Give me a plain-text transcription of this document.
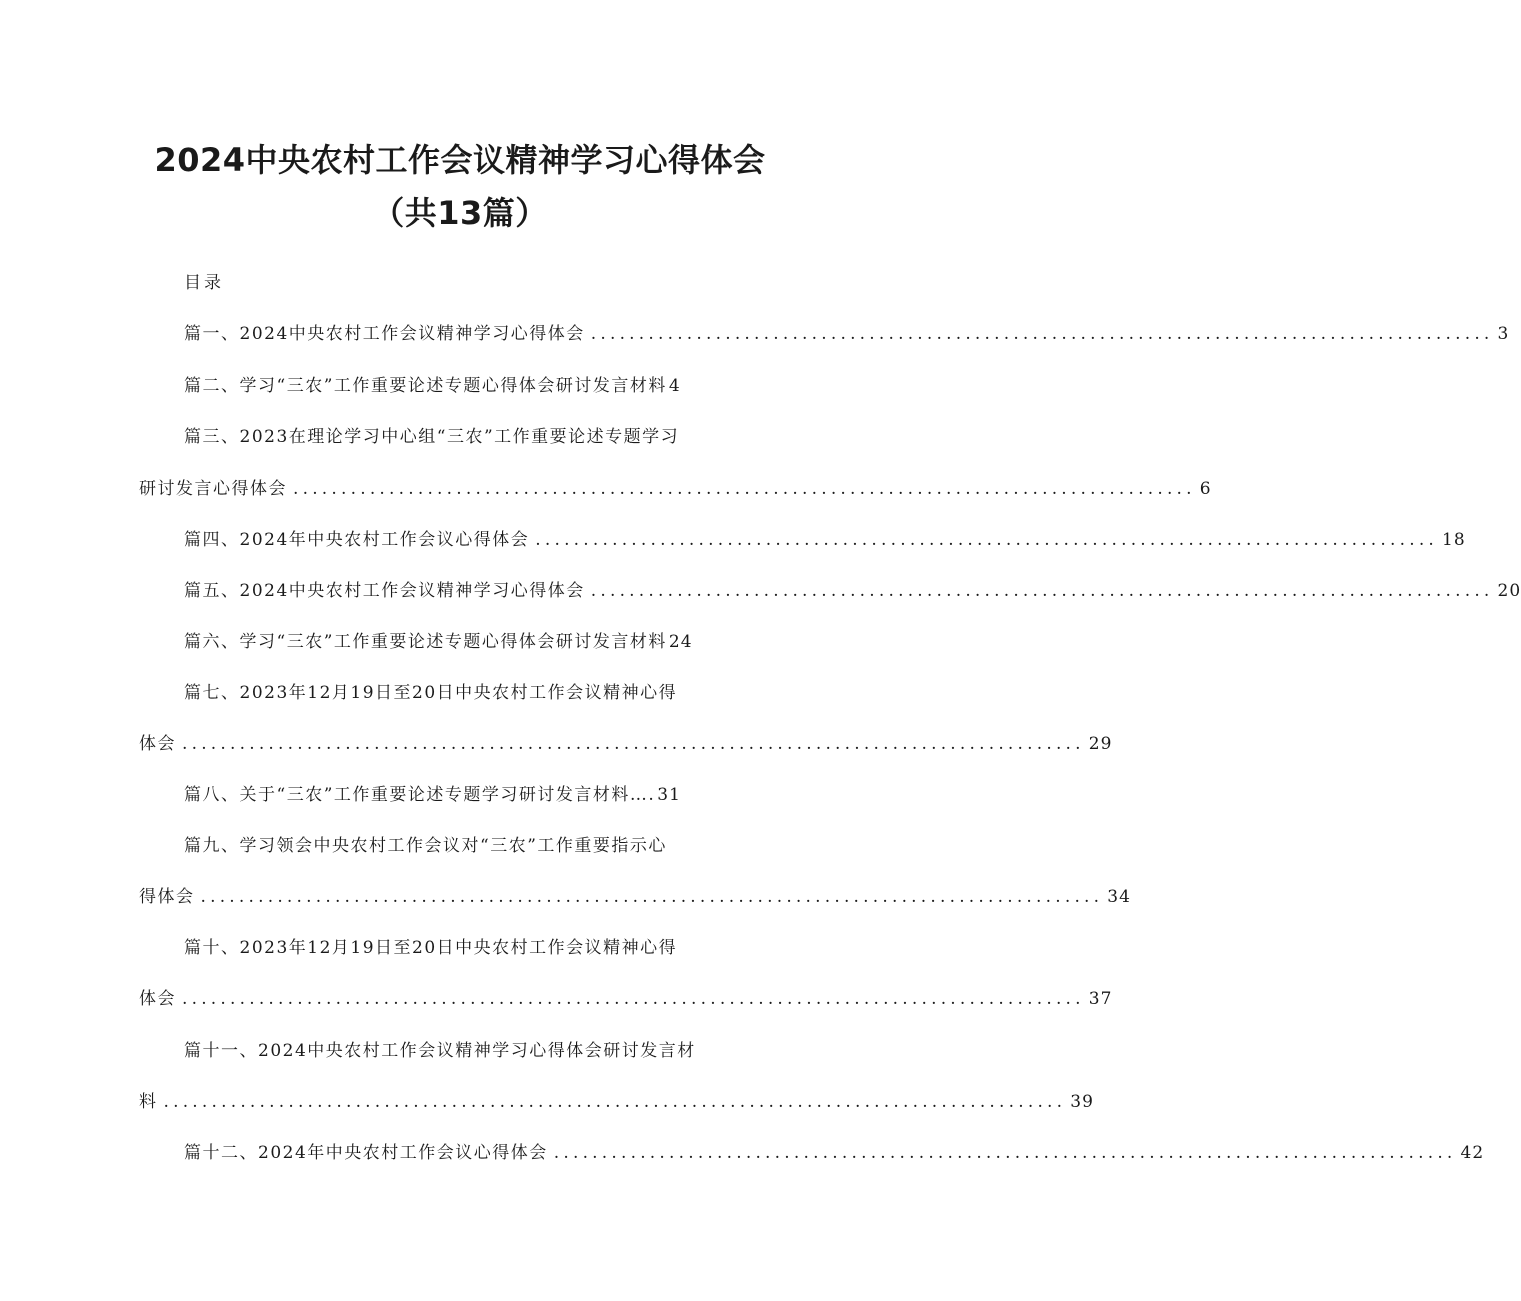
2024中央农村工作会议精神学习心得体会
（共13篇）
目录
篇一、2024中央农村工作会议精神学习心得体会 .............................................................................................. 3
篇二、学习“三农”工作重要论述专题心得体会研讨发言材料 4
篇三、2023在理论学习中心组“三农”工作重要论述专题学习
研讨发言心得体会 .............................................................................................. 6
篇四、2024年中央农村工作会议心得体会 .............................................................................................. 18
篇五、2024中央农村工作会议精神学习心得体会 .............................................................................................. 20
篇六、学习“三农”工作重要论述专题心得体会研讨发言材料 24
篇七、2023年12月19日至20日中央农村工作会议精神心得
体会 .............................................................................................. 29
篇八、关于“三农”工作重要论述专题学习研讨发言材料…. 31
篇九、学习领会中央农村工作会议对“三农”工作重要指示心
得体会 .............................................................................................. 34
篇十、2023年12月19日至20日中央农村工作会议精神心得
体会 .............................................................................................. 37
篇十一、2024中央农村工作会议精神学习心得体会研讨发言材
料 .............................................................................................. 39
篇十二、2024年中央农村工作会议心得体会 .............................................................................................. 42
